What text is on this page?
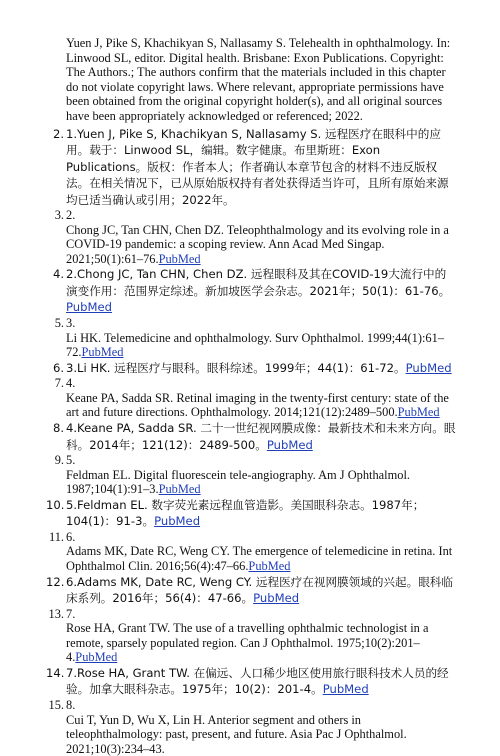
Yuen J, Pike S, Khachikyan S, Nallasamy S. Telehealth in ophthalmology. In: Linwood SL, editor. Digital health. Brisbane: Exon Publications. Copyright: The Authors.; The authors confirm that the materials included in this chapter do not violate copyright laws. Where relevant, appropriate permissions have been obtained from the original copyright holder(s), and all original sources have been appropriately acknowledged or referenced; 2022.
2. 1.Yuen J, Pike S, Khachikyan S, Nallasamy S. 远程医疗在眼科中的应用。载于：Linwood SL，编辑。数字健康。布里斯班：Exon Publications。版权：作者本人；作者确认本章节包含的材料不违反版权法。在相关情况下，已从原始版权持有者处获得适当许可，且所有原始来源均已适当确认或引用；2022年。
3. 2.
Chong JC, Tan CHN, Chen DZ. Teleophthalmology and its evolving role in a COVID-19 pandemic: a scoping review. Ann Acad Med Singap. 2021;50(1):61–76.PubMed
4. 2.Chong JC, Tan CHN, Chen DZ. 远程眼科及其在COVID-19大流行中的演变作用：范围界定综述。新加坡医学会杂志。2021年；50(1)：61-76。PubMed
5. 3.
Li HK. Telemedicine and ophthalmology. Surv Ophthalmol. 1999;44(1):61–72.PubMed
6. 3.Li HK. 远程医疗与眼科。眼科综述。1999年；44(1)：61-72。PubMed
7. 4.
Keane PA, Sadda SR. Retinal imaging in the twenty-first century: state of the art and future directions. Ophthalmology. 2014;121(12):2489–500.PubMed
8. 4.Keane PA, Sadda SR. 二十一世纪视网膜成像：最新技术和未来方向。眼科。2014年；121(12)：2489-500。PubMed
9. 5.
Feldman EL. Digital fluorescein tele-angiography. Am J Ophthalmol. 1987;104(1):91–3.PubMed
10. 5.Feldman EL. 数字荧光素远程血管造影。美国眼科杂志。1987年；104(1)：91-3。PubMed
11. 6.
Adams MK, Date RC, Weng CY. The emergence of telemedicine in retina. Int Ophthalmol Clin. 2016;56(4):47–66.PubMed
12. 6.Adams MK, Date RC, Weng CY. 远程医疗在视网膜领域的兴起。眼科临床系列。2016年；56(4)：47-66。PubMed
13. 7.
Rose HA, Grant TW. The use of a travelling ophthalmic technologist in a remote, sparsely populated region. Can J Ophthalmol. 1975;10(2):201–4.PubMed
14. 7.Rose HA, Grant TW. 在偏远、人口稀少地区使用旅行眼科技术人员的经验。加拿大眼科杂志。1975年；10(2)：201-4。PubMed
15. 8.
Cui T, Yun D, Wu X, Lin H. Anterior segment and others in teleophthalmology: past, present, and future. Asia Pac J Ophthalmol. 2021;10(3):234–43.
